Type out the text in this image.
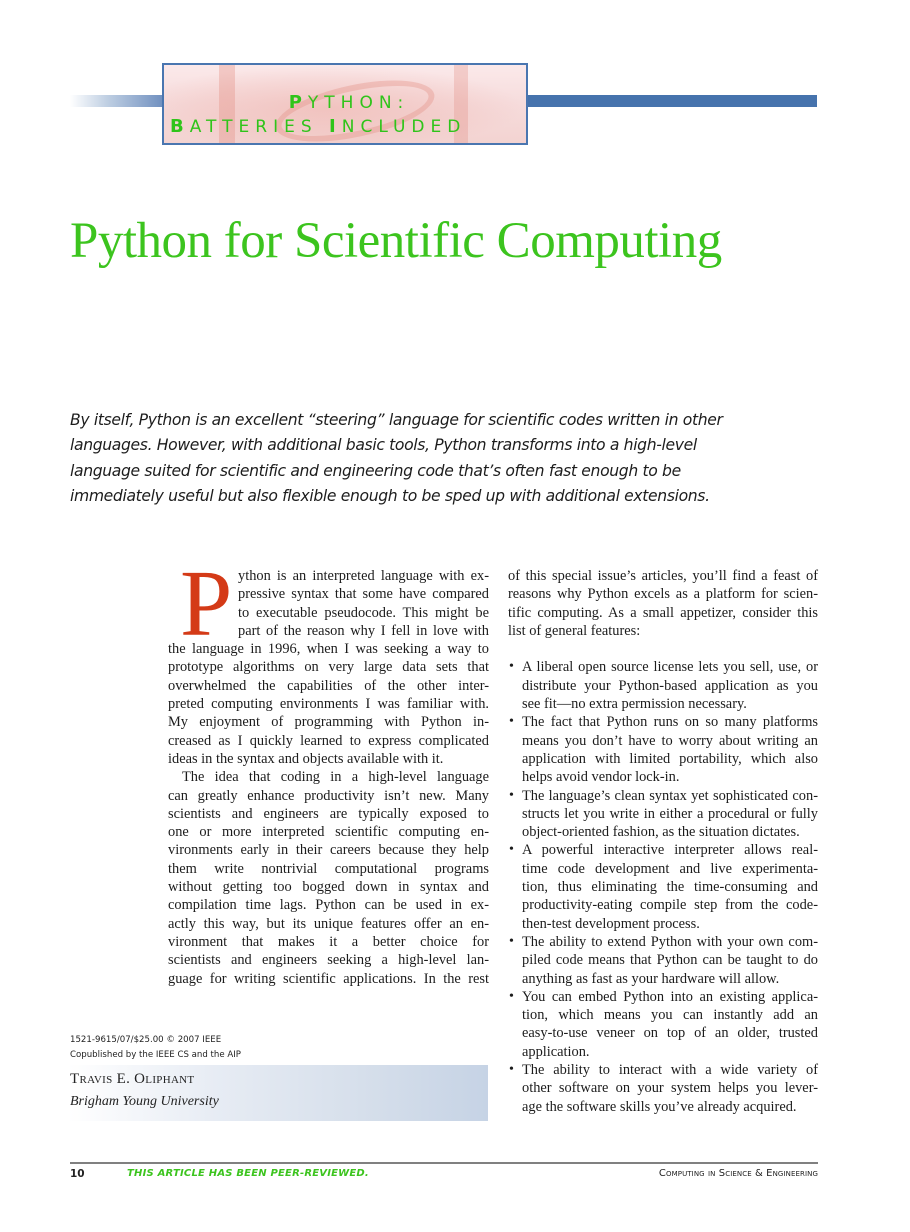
PYTHON:
BATTERIES INCLUDED
Python for Scientific Computing
By itself, Python is an excellent “steering” language for scientific codes written in other
languages. However, with additional basic tools, Python transforms into a high-level
language suited for scientific and engineering code that’s often fast enough to be
immediately useful but also flexible enough to be sped up with additional extensions.
P ython is an interpreted language with ex-
pressive syntax that some have compared
to executable pseudocode. This might be
part of the reason why I fell in love with
the language in 1996, when I was seeking a way to
prototype algorithms on very large data sets that
overwhelmed the capabilities of the other inter-
preted computing environments I was familiar with.
My enjoyment of programming with Python in-
creased as I quickly learned to express complicated
ideas in the syntax and objects available with it.
The idea that coding in a high-level language
can greatly enhance productivity isn’t new. Many
scientists and engineers are typically exposed to
one or more interpreted scientific computing en-
vironments early in their careers because they help
them write nontrivial computational programs
without getting too bogged down in syntax and
compilation time lags. Python can be used in ex-
actly this way, but its unique features offer an en-
vironment that makes it a better choice for
scientists and engineers seeking a high-level lan-
guage for writing scientific applications. In the rest
of this special issue’s articles, you’ll find a feast of
reasons why Python excels as a platform for scien-
tific computing. As a small appetizer, consider this
list of general features:
• A liberal open source license lets you sell, use, or
distribute your Python-based application as you
see fit—no extra permission necessary.
• The fact that Python runs on so many platforms
means you don’t have to worry about writing an
application with limited portability, which also
helps avoid vendor lock-in.
• The language’s clean syntax yet sophisticated con-
structs let you write in either a procedural or fully
object-oriented fashion, as the situation dictates.
• A powerful interactive interpreter allows real-
time code development and live experimenta-
tion, thus eliminating the time-consuming and
productivity-eating compile step from the code-
then-test development process.
• The ability to extend Python with your own com-
piled code means that Python can be taught to do
anything as fast as your hardware will allow.
• You can embed Python into an existing applica-
tion, which means you can instantly add an
easy-to-use veneer on top of an older, trusted
application.
• The ability to interact with a wide variety of
other software on your system helps you lever-
age the software skills you’ve already acquired.
1521-9615/07/$25.00 © 2007 IEEE
Copublished by the IEEE CS and the AIP
Travis E. Oliphant
Brigham Young University
10	THIS ARTICLE HAS BEEN PEER-REVIEWED.	Computing in Science & Engineering
